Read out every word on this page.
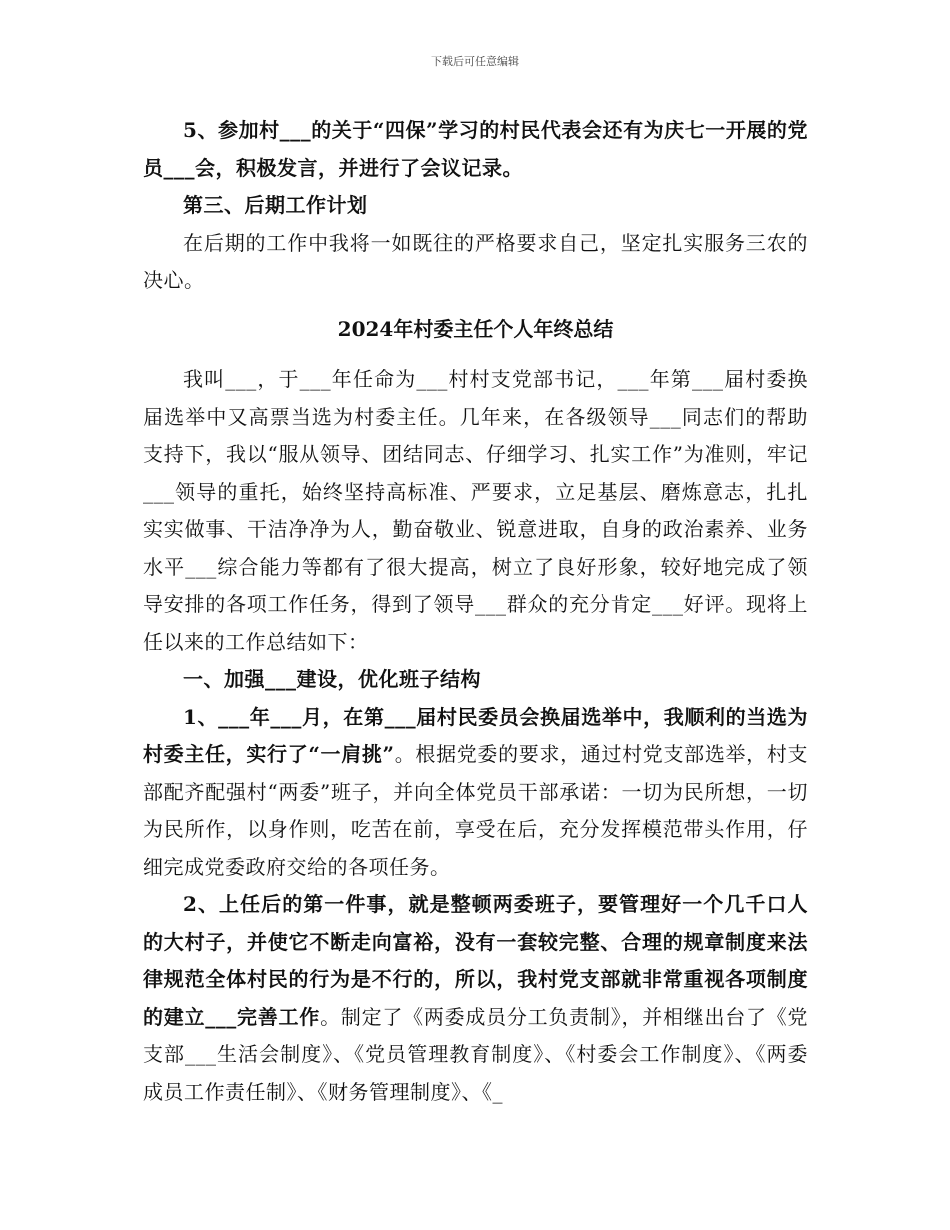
下载后可任意编辑

5、参加村___的关于“四保”学习的村民代表会还有为庆七一开展的党员___会，积极发言，并进行了会议记录。

第三、后期工作计划

在后期的工作中我将一如既往的严格要求自己，坚定扎实服务三农的决心。

2024年村委主任个人年终总结

我叫___，于___年任命为___村村支党部书记，___年第___届村委换届选举中又高票当选为村委主任。几年来，在各级领导___同志们的帮助支持下，我以“服从领导、团结同志、仔细学习、扎实工作”为准则，牢记___领导的重托，始终坚持高标准、严要求，立足基层、磨炼意志，扎扎实实做事、干洁净净为人，勤奋敬业、锐意进取，自身的政治素养、业务水平___综合能力等都有了很大提高，树立了良好形象，较好地完成了领导安排的各项工作任务，得到了领导___群众的充分肯定___好评。现将上任以来的工作总结如下：

一、加强___建设，优化班子结构

1、___年___月，在第___届村民委员会换届选举中，我顺利的当选为村委主任，实行了“一肩挑”。根据党委的要求，通过村党支部选举，村支部配齐配强村“两委”班子，并向全体党员干部承诺：一切为民所想，一切为民所作，以身作则，吃苦在前，享受在后，充分发挥模范带头作用，仔细完成党委政府交给的各项任务。

2、上任后的第一件事，就是整顿两委班子，要管理好一个几千口人的大村子，并使它不断走向富裕，没有一套较完整、合理的规章制度来法律规范全体村民的行为是不行的，所以，我村党支部就非常重视各项制度的建立___完善工作。制定了《两委成员分工负责制》，并相继出台了《党支部___生活会制度》、《党员管理教育制度》、《村委会工作制度》、《两委成员工作责任制》、《财务管理制度》、《_
